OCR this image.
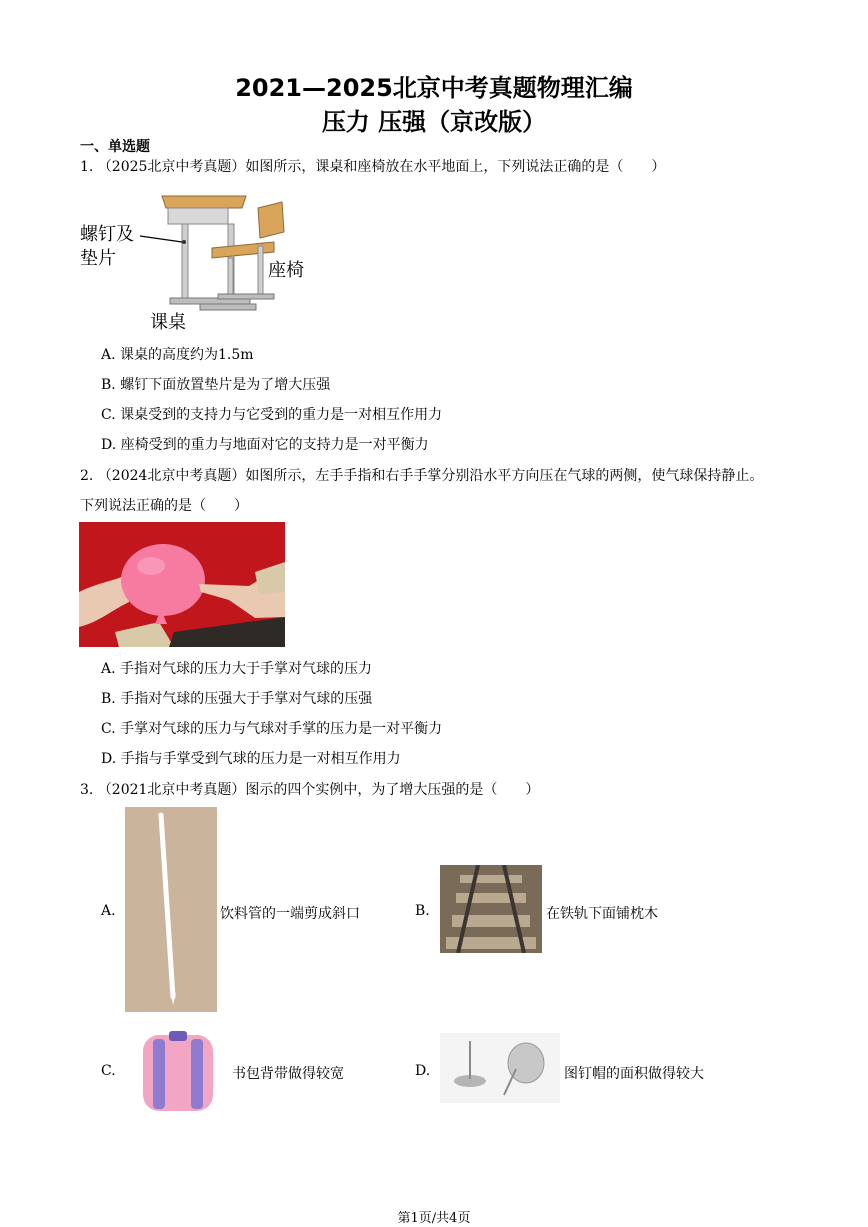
2021—2025北京中考真题物理汇编
压力 压强（京改版）
一、单选题
1. （2025北京中考真题）如图所示，课桌和座椅放在水平地面上，下列说法正确的是（　　）
螺钉及
垫片
座椅
课桌
A. 课桌的高度约为1.5m
B. 螺钉下面放置垫片是为了增大压强
C. 课桌受到的支持力与它受到的重力是一对相互作用力
D. 座椅受到的重力与地面对它的支持力是一对平衡力
2. （2024北京中考真题）如图所示，左手手指和右手手掌分别沿水平方向压在气球的两侧，使气球保持静止。
下列说法正确的是（　　）
A. 手指对气球的压力大于手掌对气球的压力
B. 手指对气球的压强大于手掌对气球的压强
C. 手掌对气球的压力与气球对手掌的压力是一对平衡力
D. 手指与手掌受到气球的压力是一对相互作用力
3. （2021北京中考真题）图示的四个实例中，为了增大压强的是（　　）
A.	饮料管的一端剪成斜口	B.	在铁轨下面铺枕木
C.	书包背带做得较宽	D.	图钉帽的面积做得较大
第1页/共4页
